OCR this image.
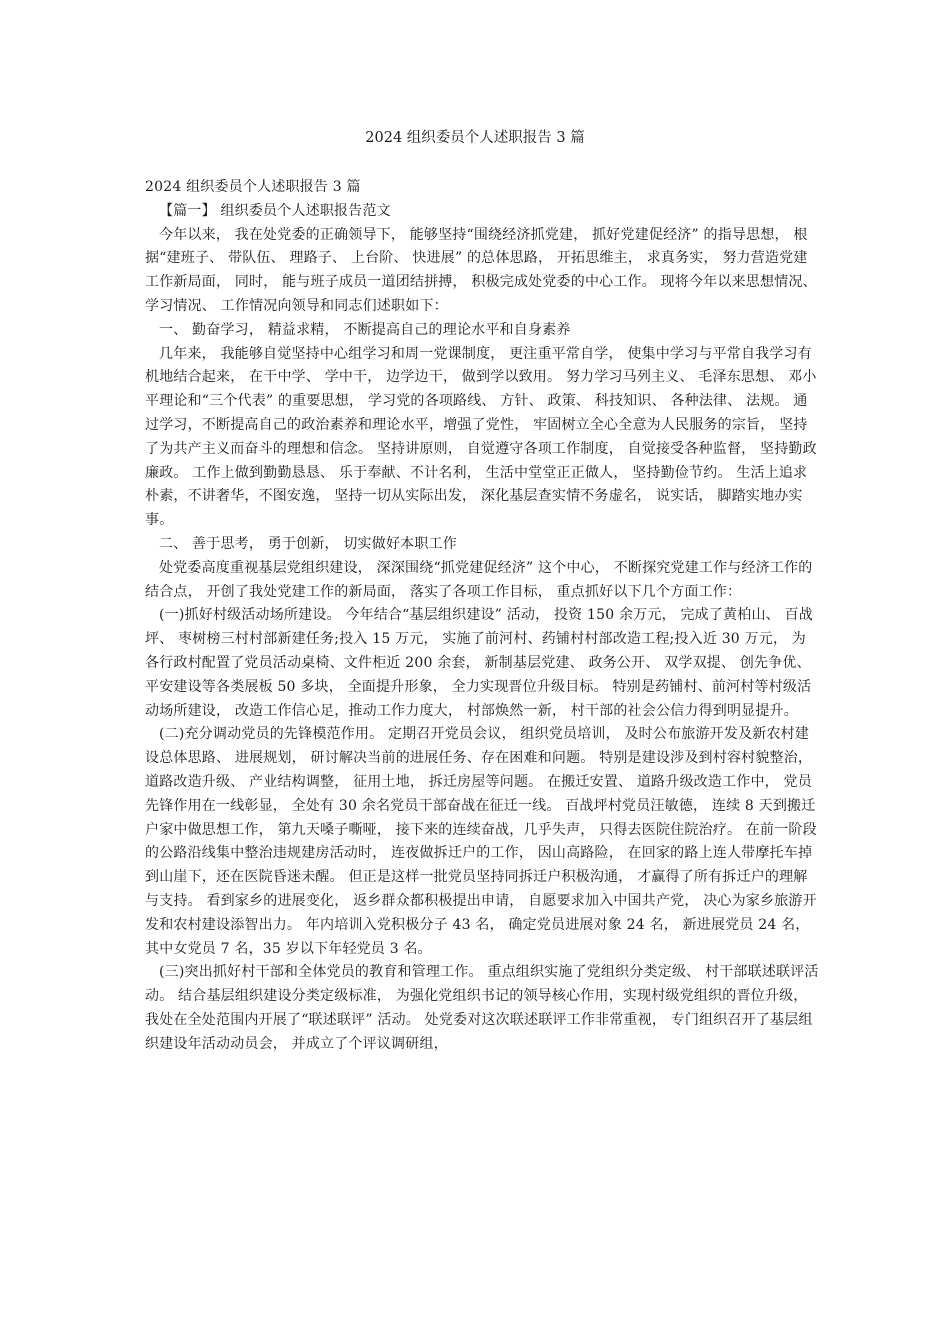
2024 组织委员个人述职报告 3 篇

2024 组织委员个人述职报告 3 篇

【篇一】 组织委员个人述职报告范文

今年以来， 我在处党委的正确领导下， 能够坚持“围绕经济抓党建， 抓好党建促经济” 的指导思想， 根据“建班子、 带队伍、 理路子、 上台阶、 快进展” 的总体思路， 开拓思维主， 求真务实， 努力营造党建工作新局面， 同时， 能与班子成员一道团结拼搏， 积极完成处党委的中心工作。 现将今年以来思想情况、 学习情况、 工作情况向领导和同志们述职如下：

一、 勤奋学习， 精益求精， 不断提高自己的理论水平和自身素养

几年来， 我能够自觉坚持中心组学习和周一党课制度， 更注重平常自学， 使集中学习与平常自我学习有机地结合起来， 在干中学、 学中干， 边学边干， 做到学以致用。 努力学习马列主义、 毛泽东思想、 邓小平理论和“三个代表” 的重要思想， 学习党的各项路线、 方针、 政策、 科技知识、 各种法律、 法规。 通过学习，不断提高自己的政治素养和理论水平，增强了党性， 牢固树立全心全意为人民服务的宗旨， 坚持了为共产主义而奋斗的理想和信念。 坚持讲原则， 自觉遵守各项工作制度， 自觉接受各种监督， 坚持勤政廉政。 工作上做到勤勤恳恳、 乐于奉献、不计名利， 生活中堂堂正正做人， 坚持勤俭节约。 生活上追求朴素，不讲奢华，不图安逸， 坚持一切从实际出发， 深化基层查实情不务虚名， 说实话， 脚踏实地办实事。

二、 善于思考， 勇于创新， 切实做好本职工作

处党委高度重视基层党组织建设， 深深围绕“抓党建促经济” 这个中心， 不断探究党建工作与经济工作的结合点， 开创了我处党建工作的新局面， 落实了各项工作目标， 重点抓好以下几个方面工作：

(一)抓好村级活动场所建设。 今年结合“基层组织建设” 活动， 投资 150 余万元， 完成了黄柏山、 百战坪、 枣树榜三村村部新建任务;投入 15 万元， 实施了前河村、药铺村村部改造工程;投入近 30 万元， 为各行政村配置了党员活动桌椅、文件柜近 200 余套， 新制基层党建、 政务公开、 双学双提、 创先争优、 平安建设等各类展板 50 多块， 全面提升形象， 全力实现晋位升级目标。 特别是药铺村、前河村等村级活动场所建设， 改造工作信心足，推动工作力度大， 村部焕然一新， 村干部的社会公信力得到明显提升。

(二)充分调动党员的先锋模范作用。 定期召开党员会议， 组织党员培训， 及时公布旅游开发及新农村建设总体思路、 进展规划， 研讨解决当前的进展任务、存在困难和问题。 特别是建设涉及到村容村貌整治， 道路改造升级、 产业结构调整， 征用土地， 拆迁房屋等问题。 在搬迁安置、 道路升级改造工作中， 党员先锋作用在一线彰显， 全处有 30 余名党员干部奋战在征迁一线。 百战坪村党员汪敏德， 连续 8 天到搬迁户家中做思想工作， 第九天嗓子嘶哑， 接下来的连续奋战，几乎失声， 只得去医院住院治疗。 在前一阶段的公路沿线集中整治违规建房活动时， 连夜做拆迁户的工作， 因山高路险， 在回家的路上连人带摩托车掉到山崖下，还在医院昏迷未醒。 但正是这样一批党员坚持同拆迁户积极沟通， 才赢得了所有拆迁户的理解与支持。 看到家乡的进展变化， 返乡群众都积极提出申请， 自愿要求加入中国共产党， 决心为家乡旅游开发和农村建设添智出力。 年内培训入党积极分子 43 名， 确定党员进展对象 24 名， 新进展党员 24 名， 其中女党员 7 名，35 岁以下年轻党员 3 名。

(三)突出抓好村干部和全体党员的教育和管理工作。 重点组织实施了党组织分类定级、 村干部联述联评活动。 结合基层组织建设分类定级标准， 为强化党组织书记的领导核心作用，实现村级党组织的晋位升级， 我处在全处范围内开展了“联述联评” 活动。 处党委对这次联述联评工作非常重视， 专门组织召开了基层组织建设年活动动员会， 并成立了个评议调研组，
